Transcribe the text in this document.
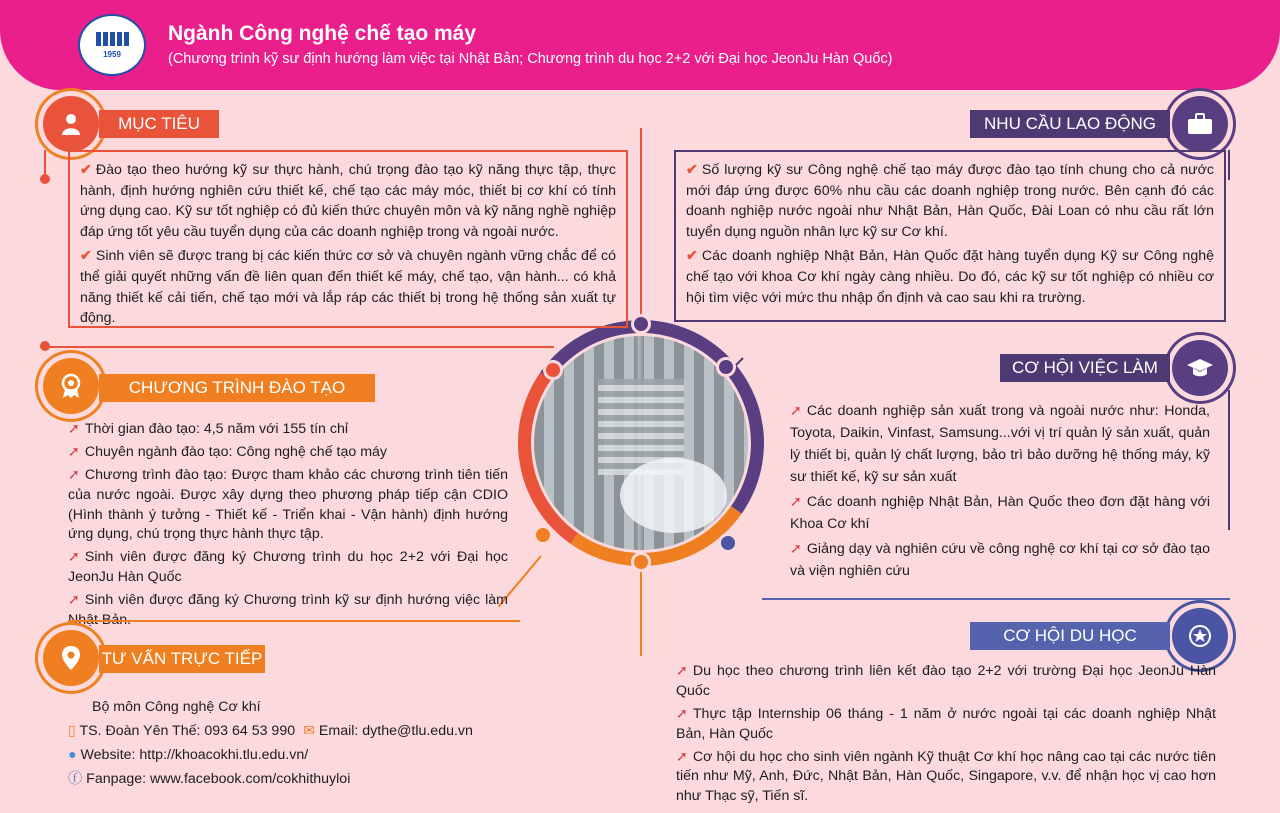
1959
Ngành Công nghệ chế tạo máy
(Chương trình kỹ sư định hướng làm việc tại Nhật Bản; Chương trình du học 2+2 với Đại học JeonJu Hàn Quốc)
MỤC TIÊU

✔ Đào tạo theo hướng kỹ sư thực hành, chú trọng đào tạo kỹ năng thực tập, thực hành, định hướng nghiên cứu thiết kế, chế tạo các máy móc, thiết bị cơ khí có tính ứng dụng cao. Kỹ sư tốt nghiệp có đủ kiến thức chuyên môn và kỹ năng nghề nghiệp đáp ứng tốt yêu cầu tuyển dụng của các doanh nghiệp trong và ngoài nước.

✔ Sinh viên sẽ được trang bị các kiến thức cơ sở và chuyên ngành vững chắc để có thể giải quyết những vấn đề liên quan đến thiết kế máy, chế tạo, vận hành... có khả năng thiết kế cải tiến, chế tạo mới và lắp ráp các thiết bị trong hệ thống sản xuất tự động.

NHU CẦU LAO ĐỘNG

✔ Số lượng kỹ sư Công nghệ chế tạo máy được đào tạo tính chung cho cả nước mới đáp ứng được 60% nhu cầu các doanh nghiệp trong nước. Bên cạnh đó các doanh nghiệp nước ngoài như Nhật Bản, Hàn Quốc, Đài Loan có nhu cầu rất lớn tuyển dụng nguồn nhân lực kỹ sư Cơ khí.

✔ Các doanh nghiệp Nhật Bản, Hàn Quốc đặt hàng tuyển dụng Kỹ sư Công nghệ chế tạo với khoa Cơ khí ngày càng nhiều. Do đó, các kỹ sư tốt nghiệp có nhiều cơ hội tìm việc với mức thu nhập ổn định và cao sau khi ra trường.

CHƯƠNG TRÌNH ĐÀO TẠO

➚ Thời gian đào tạo: 4,5 năm với 155 tín chỉ

➚ Chuyên ngành đào tạo: Công nghệ chế tạo máy

➚ Chương trình đào tạo: Được tham khảo các chương trình tiên tiến của nước ngoài. Được xây dựng theo phương pháp tiếp cận CDIO (Hình thành ý tưởng - Thiết kế - Triển khai - Vận hành) định hướng ứng dụng, chú trọng thực hành thực tập.

➚ Sinh viên được đăng ký Chương trình du học 2+2 với Đại học JeonJu Hàn Quốc

➚ Sinh viên được đăng ký Chương trình kỹ sư định hướng việc làm

CƠ HỘI VIỆC LÀM

➚ Các doanh nghiệp sản xuất trong và ngoài nước như: Honda, Toyota, Daikin, Vinfast, Samsung...với vị trí quản lý sản xuất, quản lý thiết bị, quản lý chất lượng, bảo trì bảo dưỡng hệ thống máy, kỹ sư thiết kế, kỹ sư sản xuất

➚ Các doanh nghiệp Nhật Bản, Hàn Quốc theo đơn đặt hàng với Khoa Cơ khí

➚ Giảng dạy và nghiên cứu về công nghệ cơ khí tại cơ sở đào tạo và viện nghiên cứu

TƯ VẤN TRỰC TIẾP
Bộ môn Công nghệ Cơ khí
▯ TS. Đoàn Yên Thế: 093 64 53 990 ✉ Email: dythe@tlu.edu.vn
● Website: http://khoacokhi.tlu.edu.vn/
ⓕ Fanpage: www.facebook.com/cokhithuyloi
CƠ HỘI DU HỌC

➚ Du học theo chương trình liên kết đào tạo 2+2 với trường Đại học JeonJu Hàn Quốc

➚ Thực tập Internship 06 tháng - 1 năm ở nước ngoài tại các doanh nghiệp Nhật Bản, Hàn Quốc

➚ Cơ hội du học cho sinh viên ngành Kỹ thuật Cơ khí học nâng cao tại các nước tiên tiến như Mỹ, Anh, Đức, Nhật Bản, Hàn Quốc, Singapore, v.v. để nhận học vị cao hơn như Thạc sỹ, Tiến sĩ.
